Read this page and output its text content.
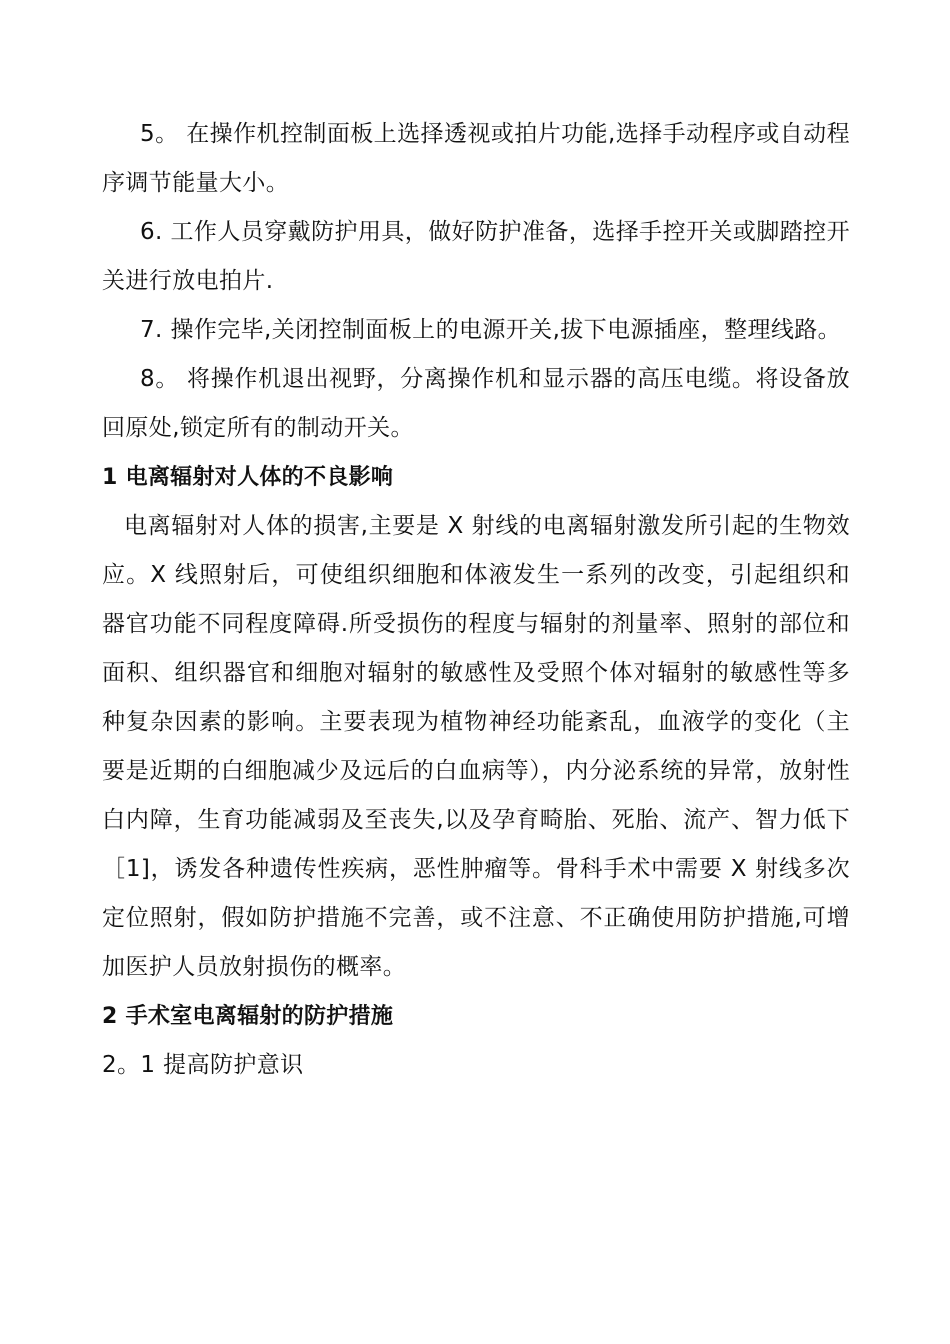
5。 在操作机控制面板上选择透视或拍片功能,选择手动程序或自动程序调节能量大小。

6. 工作人员穿戴防护用具，做好防护准备，选择手控开关或脚踏控开关进行放电拍片.

7. 操作完毕,关闭控制面板上的电源开关,拔下电源插座，整理线路。

8。 将操作机退出视野，分离操作机和显示器的高压电缆。将设备放回原处,锁定所有的制动开关。

1 电离辐射对人体的不良影响

电离辐射对人体的损害,主要是 X 射线的电离辐射激发所引起的生物效应。X 线照射后，可使组织细胞和体液发生一系列的改变，引起组织和器官功能不同程度障碍.所受损伤的程度与辐射的剂量率、照射的部位和面积、组织器官和细胞对辐射的敏感性及受照个体对辐射的敏感性等多种复杂因素的影响。主要表现为植物神经功能紊乱，血液学的变化（主要是近期的白细胞减少及远后的白血病等），内分泌系统的异常，放射性白内障，生育功能减弱及至丧失,以及孕育畸胎、死胎、流产、智力低下［1]，诱发各种遗传性疾病，恶性肿瘤等。骨科手术中需要 X 射线多次定位照射，假如防护措施不完善，或不注意、不正确使用防护措施,可增加医护人员放射损伤的概率。

2 手术室电离辐射的防护措施

2。1 提高防护意识
